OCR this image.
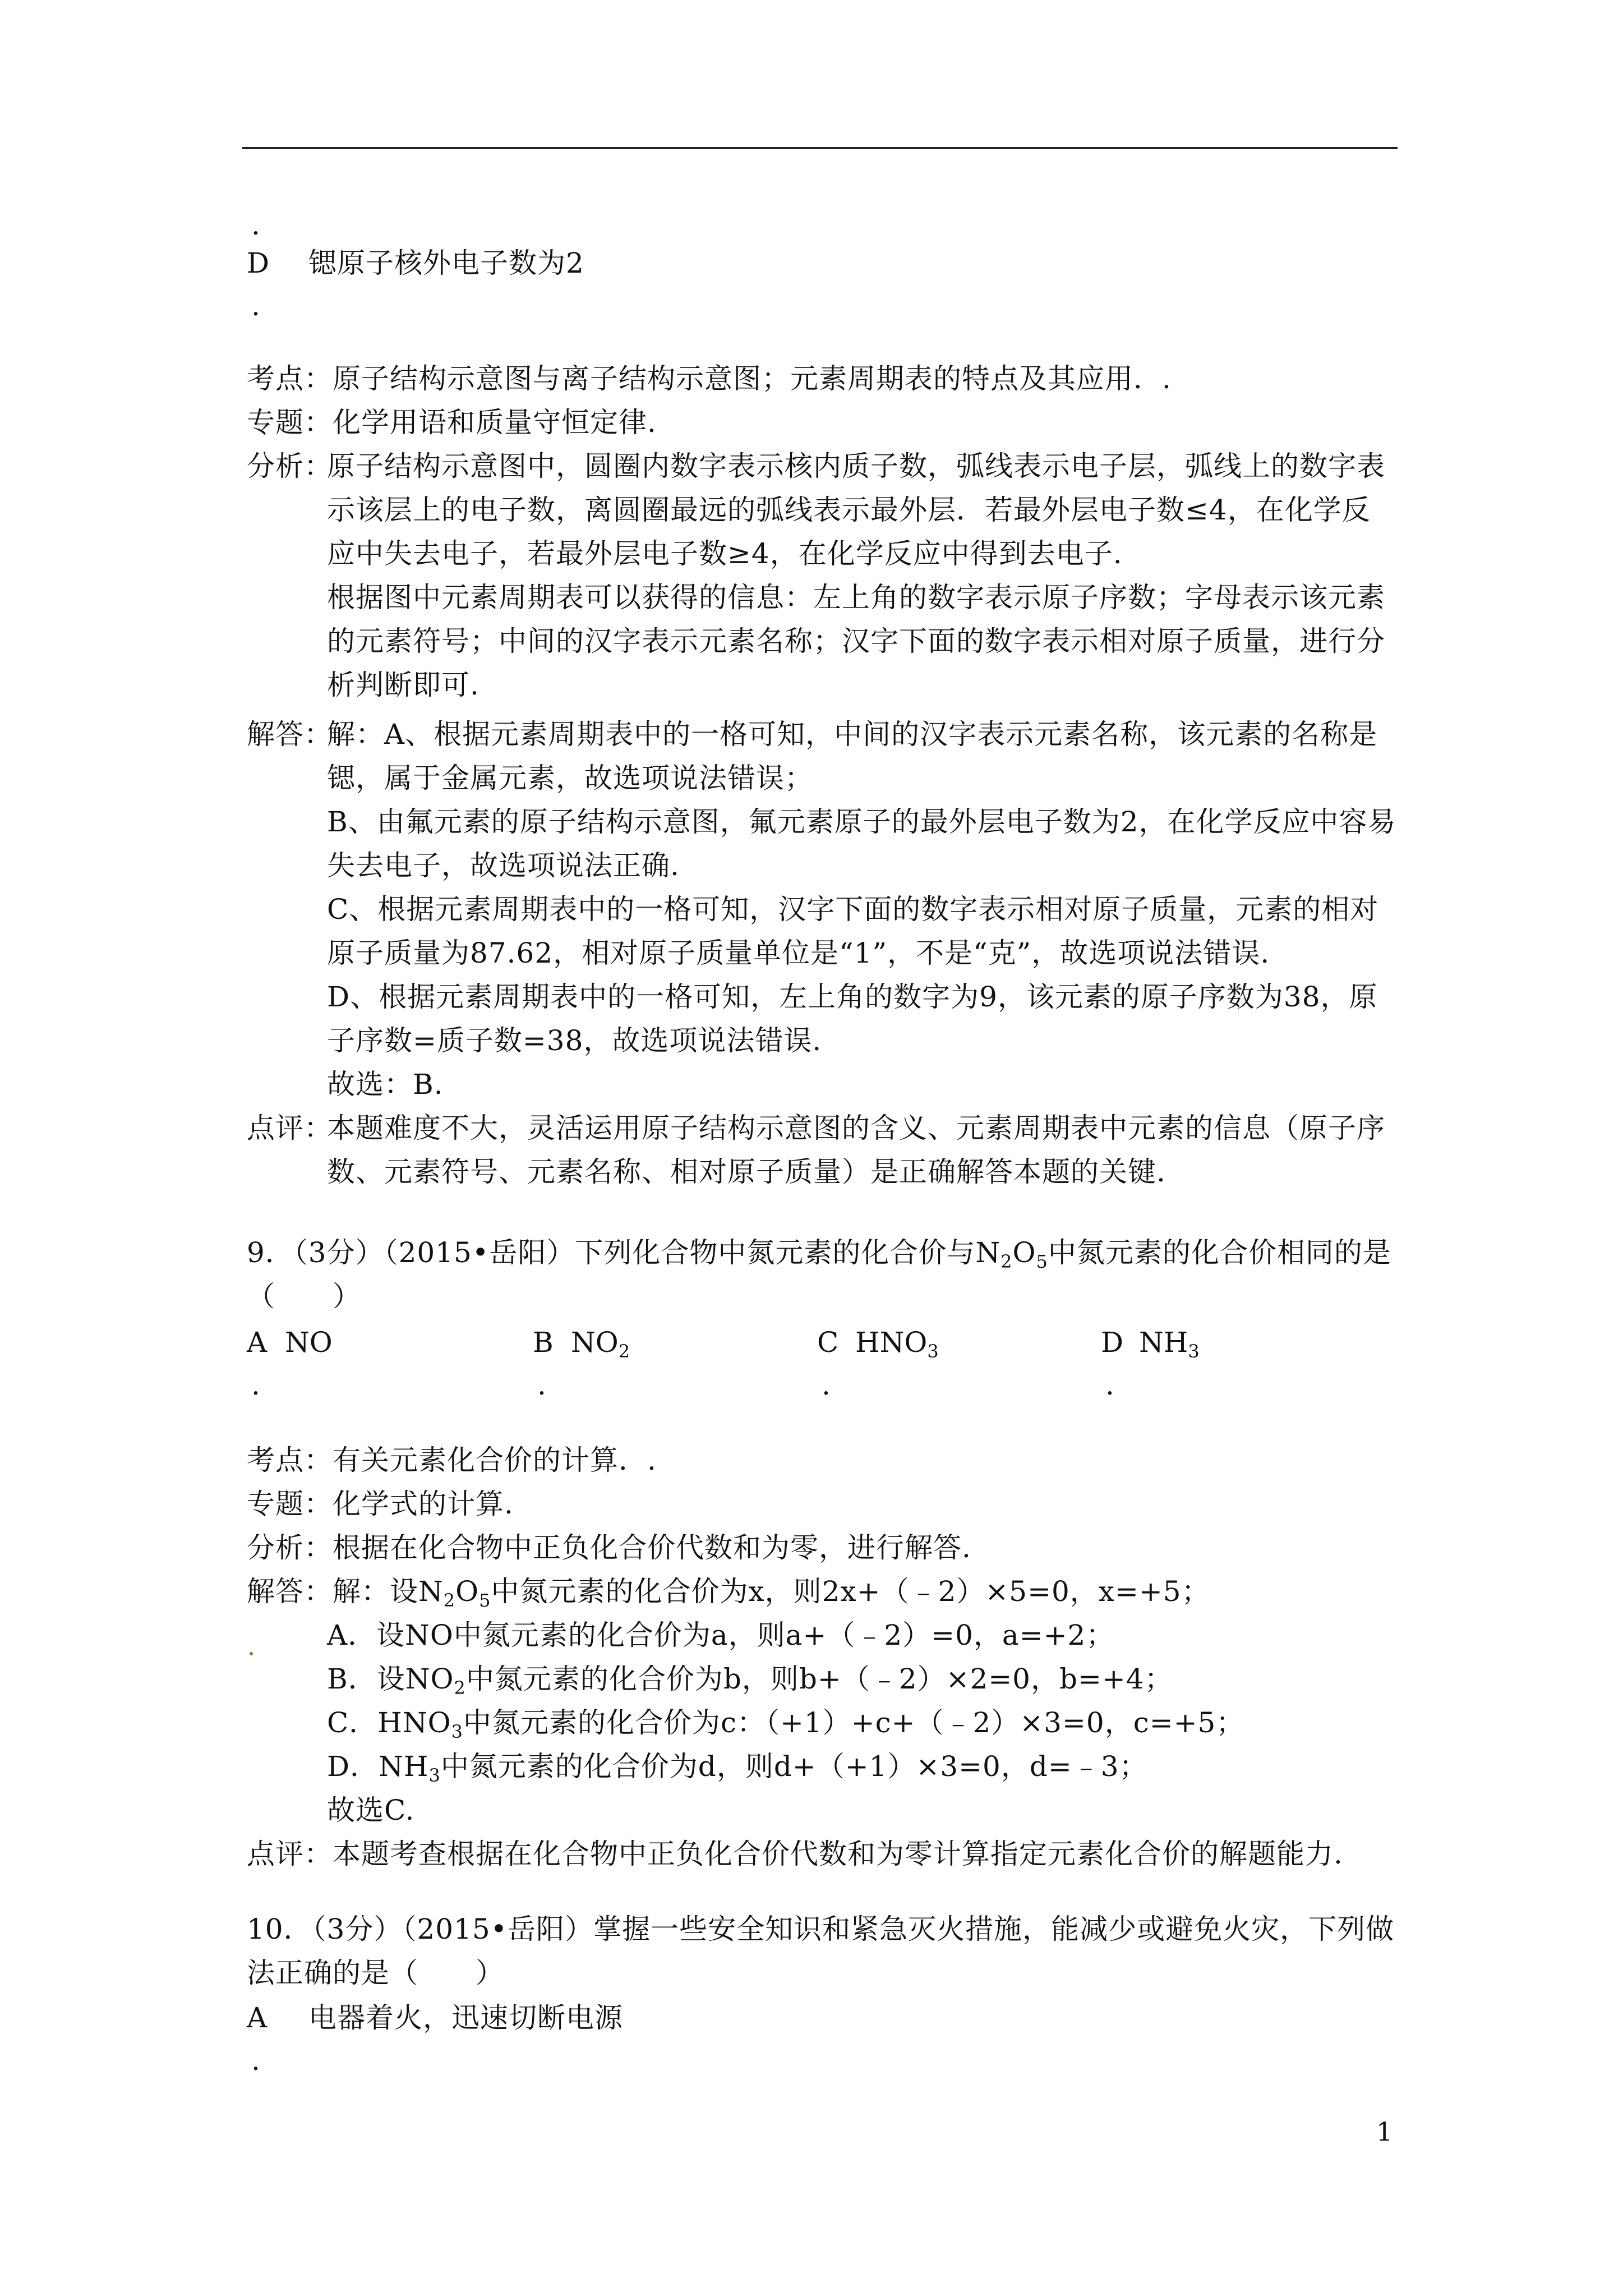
.
D 锶原子核外电子数为2
.
考点：原子结构示意图与离子结构示意图；元素周期表的特点及其应用．.
专题：化学用语和质量守恒定律.
分析：
原子结构示意图中，圆圈内数字表示核内质子数，弧线表示电子层，弧线上的数字表
示该层上的电子数，离圆圈最远的弧线表示最外层．若最外层电子数≤4，在化学反
应中失去电子，若最外层电子数≥4，在化学反应中得到去电子.
根据图中元素周期表可以获得的信息：左上角的数字表示原子序数；字母表示该元素
的元素符号；中间的汉字表示元素名称；汉字下面的数字表示相对原子质量，进行分
析判断即可.
解答：
解：A、根据元素周期表中的一格可知，中间的汉字表示元素名称，该元素的名称是
锶，属于金属元素，故选项说法错误；
B、由氟元素的原子结构示意图，氟元素原子的最外层电子数为2，在化学反应中容易
失去电子，故选项说法正确.
C、根据元素周期表中的一格可知，汉字下面的数字表示相对原子质量，元素的相对
原子质量为87.62，相对原子质量单位是“1”，不是“克”，故选项说法错误.
D、根据元素周期表中的一格可知，左上角的数字为9，该元素的原子序数为38，原
子序数=质子数=38，故选项说法错误.
故选：B.
点评：
本题难度不大，灵活运用原子结构示意图的含义、元素周期表中元素的信息（原子序
数、元素符号、元素名称、相对原子质量）是正确解答本题的关键.
9．（3分）（2015•岳阳）下列化合物中氮元素的化合价与$N_2O_5$中氮元素的化合价相同的是
（　　）
A NO	B $NO_2$	C $HNO_3$	D $NH_3$
.	.	.	.
考点：有关元素化合价的计算．.
专题：化学式的计算.
分析：根据在化合物中正负化合价代数和为零，进行解答.
解答：解：设$N_2O_5$中氮元素的化合价为x，则2x+（﹣2）×5=0，x=+5；
A．设NO中氮元素的化合价为a，则a+（﹣2）=0，a=+2；
B．设$NO_2$中氮元素的化合价为b，则b+（﹣2）×2=0，b=+4；
C．$HNO_3$中氮元素的化合价为c：（+1）+c+（﹣2）×3=0，c=+5；
D．$NH_3$中氮元素的化合价为d，则d+（+1）×3=0，d=﹣3；
故选C.
点评：本题考查根据在化合物中正负化合价代数和为零计算指定元素化合价的解题能力.
10．（3分）（2015•岳阳）掌握一些安全知识和紧急灭火措施，能减少或避免火灾，下列做
法正确的是（　　）
A 电器着火，迅速切断电源
.
1
